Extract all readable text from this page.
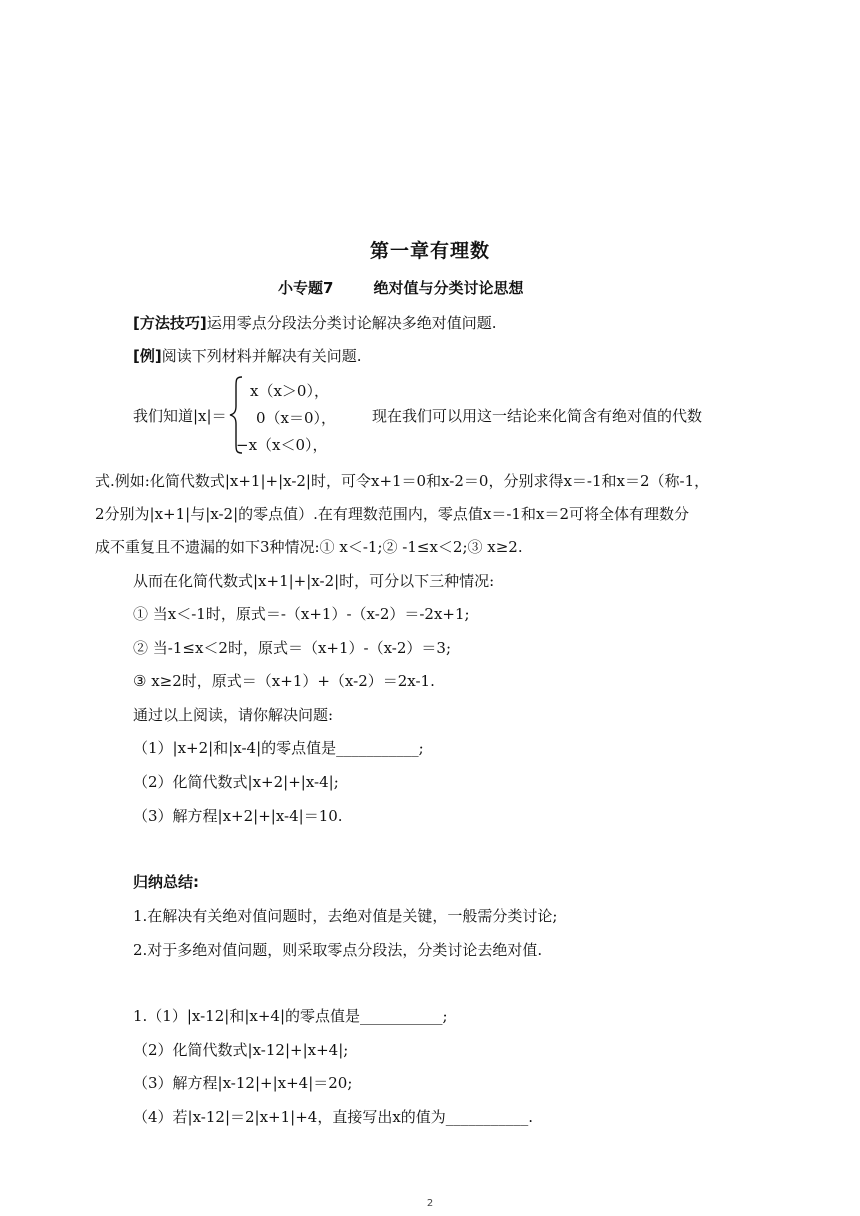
第一章有理数
小专题7	绝对值与分类讨论思想
[方法技巧]运用零点分段法分类讨论解决多绝对值问题.
[例]阅读下列材料并解决有关问题.
我们知道|x|＝
x（x＞0），
0（x＝0），
−x（x＜0），
现在我们可以用这一结论来化简含有绝对值的代数
式.例如:化简代数式|x+1|+|x-2|时，可令x+1＝0和x-2＝0，分别求得x＝-1和x＝2（称-1，
2分别为|x+1|与|x-2|的零点值）.在有理数范围内，零点值x＝-1和x＝2可将全体有理数分
成不重复且不遗漏的如下3种情况:① x＜-1;② -1≤x＜2;③ x≥2.
从而在化简代数式|x+1|+|x-2|时，可分以下三种情况:
① 当x＜-1时，原式＝-（x+1）-（x-2）＝-2x+1;
② 当-1≤x＜2时，原式＝（x+1）-（x-2）＝3;
③ x≥2时，原式＝（x+1）+（x-2）＝2x-1.
通过以上阅读，请你解决问题:
（1）|x+2|和|x-4|的零点值是___________;
（2）化简代数式|x+2|+|x-4|;
（3）解方程|x+2|+|x-4|＝10.
归纳总结:
1.在解决有关绝对值问题时，去绝对值是关键，一般需分类讨论;
2.对于多绝对值问题，则采取零点分段法，分类讨论去绝对值.
1.（1）|x-12|和|x+4|的零点值是___________;
（2）化简代数式|x-12|+|x+4|;
（3）解方程|x-12|+|x+4|＝20;
（4）若|x-12|＝2|x+1|+4，直接写出x的值为___________.
2
